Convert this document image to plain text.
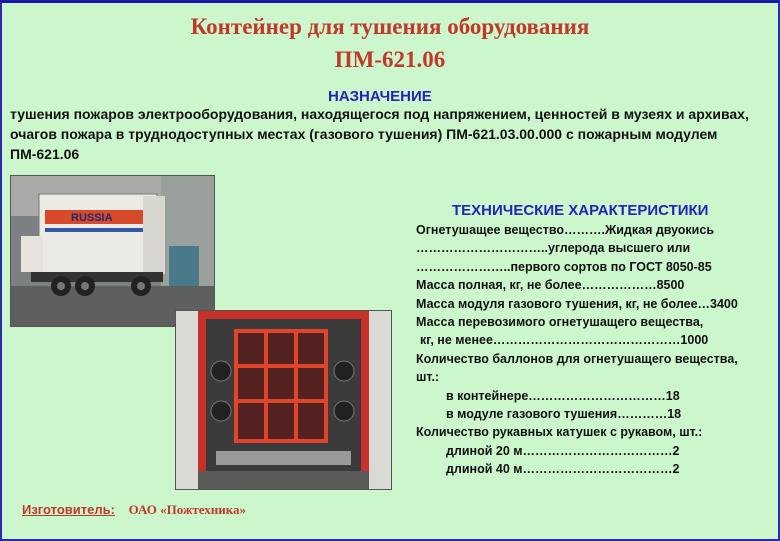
Контейнер для тушения оборудования
ПМ-621.06
НАЗНАЧЕНИЕ
тушения пожаров электрооборудования, находящегося под напряжением, ценностей в музеях и архивах, очагов пожара в труднодоступных местах (газового тушения) ПМ-621.03.00.000 с пожарным модулем ПМ-621.06
RUSSIA	ТЕХНИЧЕСКИЕ ХАРАКТЕРИСТИКИ
Огнетушащее вещество……….Жидкая двуокись
…………………………..углерода высшего или
…………………..первого сортов по ГОСТ 8050-85
Масса полная, кг, не более………………8500
Масса модуля газового тушения, кг, не более…3400
Масса перевозимого огнетушащего вещества,
кг, не менее………………………………………1000
Количество баллонов для огнетушащего вещества,
шт.:
в контейнере……………………………18
в модуле газового тушения…………18
Количество рукавных катушек с рукавом, шт.:
длиной 20 м………………………………2
длиной 40 м………………………………2
Изготовитель: ОАО «Пожтехника»
